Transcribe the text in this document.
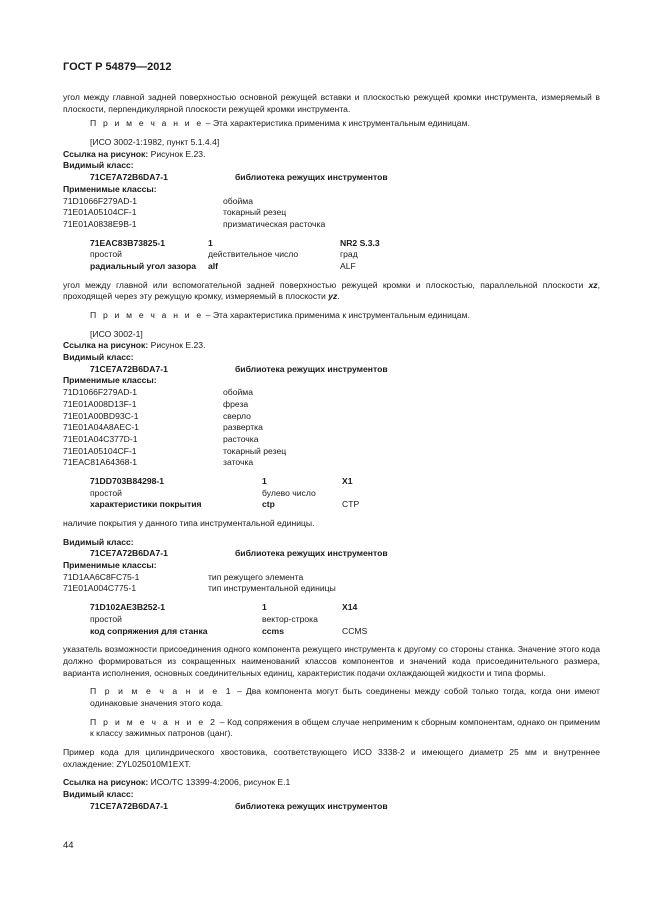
ГОСТ Р 54879—2012

угол между главной задней поверхностью основной режущей вставки и плоскостью режущей кромки инструмента, измеряемый в плоскости, перпендикулярной плоскости режущей кромки инструмента.

П р и м е ч а н и е – Эта характеристика применима к инструментальным единицам.

[ИСО 3002-1:1982, пункт 5.1.4.4]

Ссылка на рисунок: Рисунок E.23.

Видимый класс:

71CE7A72B6DA7-1	библиотека режущих инструментов

Применимые классы:

71D1066F279AD-1	обойма
71E01A05104CF-1	токарный резец
71E01A0838E9B-1	призматическая расточка
71EAC83B73825-1	1	NR2 S.3.3
простой	действительное число	град
радиальный угол зазора	alf	ALF

угол между главной или вспомогательной задней поверхностью режущей кромки и плоскостью, параллельной плоскости xz, проходящей через эту режущую кромку, измеряемый в плоскости yz.

П р и м е ч а н и е – Эта характеристика применима к инструментальным единицам.

[ИСО 3002-1]

Ссылка на рисунок: Рисунок E.23.

Видимый класс:

71CE7A72B6DA7-1	библиотека режущих инструментов

Применимые классы:

71D1066F279AD-1	обойма
71E01A008D13F-1	фреза
71E01A00BD93C-1	сверло
71E01A04A8AEC-1	развертка
71E01A04C377D-1	расточка
71E01A05104CF-1	токарный резец
71EAC81A64368-1	заточка
71DD703B84298-1	1	X1
простой	булево число
характеристики покрытия	ctp	CTP

наличие покрытия у данного типа инструментальной единицы.

Видимый класс:

71CE7A72B6DA7-1	библиотека режущих инструментов

Применимые классы:

71D1AA6C8FC75-1	тип режущего элемента
71E01A004C775-1	тип инструментальной единицы
71D102AE3B252-1	1	X14
простой	вектор-строка
код сопряжения для станка	ccms	CCMS

указатель возможности присоединения одного компонента режущего инструмента к другому со стороны станка. Значение этого кода должно формироваться из сокращенных наименований классов компонентов и значений кода присоединительного размера, варианта исполнения, основных соединительных единиц, характеристик подачи охлаждающей жидкости и типа формы.

П р и м е ч а н и е 1 – Два компонента могут быть соединены между собой только тогда, когда они имеют одинаковые значения этого кода.

П р и м е ч а н и е 2 – Код сопряжения в общем случае неприменим к сборным компонентам, однако он применим к классу зажимных патронов (цанг).

Пример кода для цилиндрического хвостовика, соответствующего ИСО 3338-2 и имеющего диаметр 25 мм и внутреннее охлаждение: ZYL025010M1EXT.

Ссылка на рисунок: ИСО/ТС 13399-4:2006, рисунок E.1

Видимый класс:

71CE7A72B6DA7-1	библиотека режущих инструментов
44
